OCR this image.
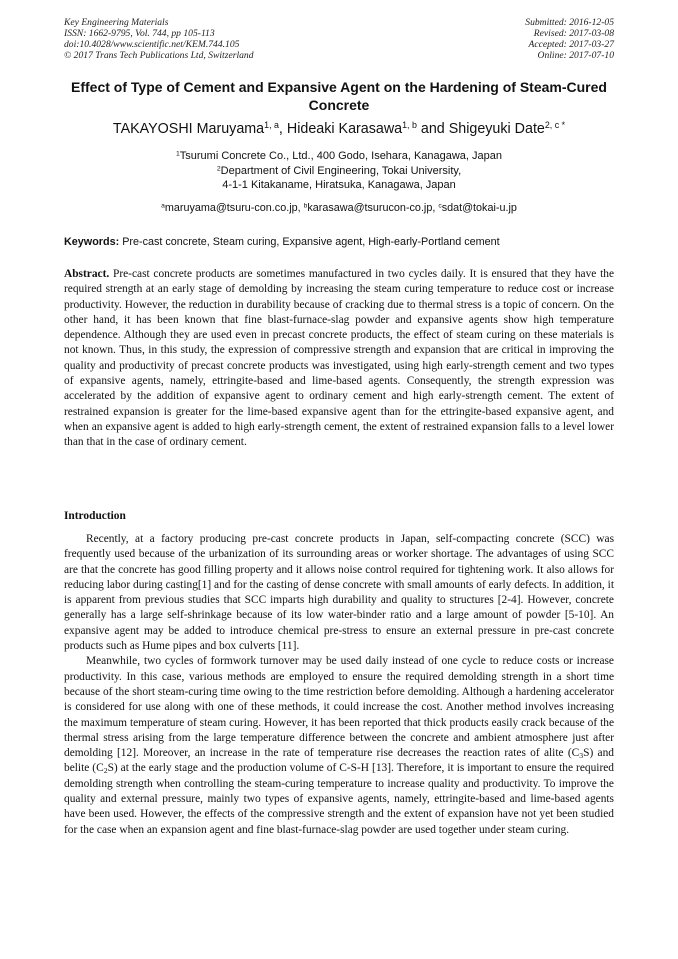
Key Engineering Materials
ISSN: 1662-9795, Vol. 744, pp 105-113
doi:10.4028/www.scientific.net/KEM.744.105
© 2017 Trans Tech Publications Ltd, Switzerland
Submitted: 2016-12-05
Revised: 2017-03-08
Accepted: 2017-03-27
Online: 2017-07-10
Effect of Type of Cement and Expansive Agent on the Hardening of Steam-Cured Concrete
TAKAYOSHI Maruyama$^{1, a}$, Hideaki Karasawa$^{1, b}$ and Shigeyuki Date$^{2, c *}$
$^1$Tsurumi Concrete Co., Ltd., 400 Godo, Isehara, Kanagawa, Japan
$^2$Department of Civil Engineering, Tokai University,
4-1-1 Kitakaname, Hiratsuka, Kanagawa, Japan
$^a$maruyama@tsuru-con.co.jp, $^b$karasawa@tsurucon-co.jp, $^c$sdat@tokai-u.jp
Keywords: Pre-cast concrete, Steam curing, Expansive agent, High-early-Portland cement
Abstract. Pre-cast concrete products are sometimes manufactured in two cycles daily. It is ensured that they have the required strength at an early stage of demolding by increasing the steam curing temperature to reduce cost or increase productivity. However, the reduction in durability because of cracking due to thermal stress is a topic of concern. On the other hand, it has been known that fine blast-furnace-slag powder and expansive agents show high temperature dependence. Although they are used even in precast concrete products, the effect of steam curing on these materials is not known. Thus, in this study, the expression of compressive strength and expansion that are critical in improving the quality and productivity of precast concrete products was investigated, using high early-strength cement and two types of expansive agents, namely, ettringite-based and lime-based agents. Consequently, the strength expression was accelerated by the addition of expansive agent to ordinary cement and high early-strength cement. The extent of restrained expansion is greater for the lime-based expansive agent than for the ettringite-based expansive agent, and when an expansive agent is added to high early-strength cement, the extent of restrained expansion falls to a level lower than that in the case of ordinary cement.
Introduction

Recently, at a factory producing pre-cast concrete products in Japan, self-compacting concrete (SCC) was frequently used because of the urbanization of its surrounding areas or worker shortage. The advantages of using SCC are that the concrete has good filling property and it allows noise control required for tightening work. It also allows for reducing labor during casting[1] and for the casting of dense concrete with small amounts of early defects. In addition, it is apparent from previous studies that SCC imparts high durability and quality to structures [2-4]. However, concrete generally has a large self-shrinkage because of its low water-binder ratio and a large amount of powder [5-10]. An expansive agent may be added to introduce chemical pre-stress to ensure an external pressure in pre-cast concrete products such as Hume pipes and box culverts [11].

Meanwhile, two cycles of formwork turnover may be used daily instead of one cycle to reduce costs or increase productivity. In this case, various methods are employed to ensure the required demolding strength in a short time because of the short steam-curing time owing to the time restriction before demolding. Although a hardening accelerator is considered for use along with one of these methods, it could increase the cost. Another method involves increasing the maximum temperature of steam curing. However, it has been reported that thick products easily crack because of the thermal stress arising from the large temperature difference between the concrete and ambient atmosphere just after demolding [12]. Moreover, an increase in the rate of temperature rise decreases the reaction rates of alite $(C_3S)$ and belite $(C_2S)$ at the early stage and the production volume of C-S-H [13]. Therefore, it is important to ensure the required demolding strength when controlling the steam-curing temperature to increase quality and productivity. To improve the quality and external pressure, mainly two types of expansive agents, namely, ettringite-based and lime-based agents have been used. However, the effects of the compressive strength and the extent of expansion have not yet been studied for the case when an expansion agent and fine blast-furnace-slag powder are used together under steam curing.
